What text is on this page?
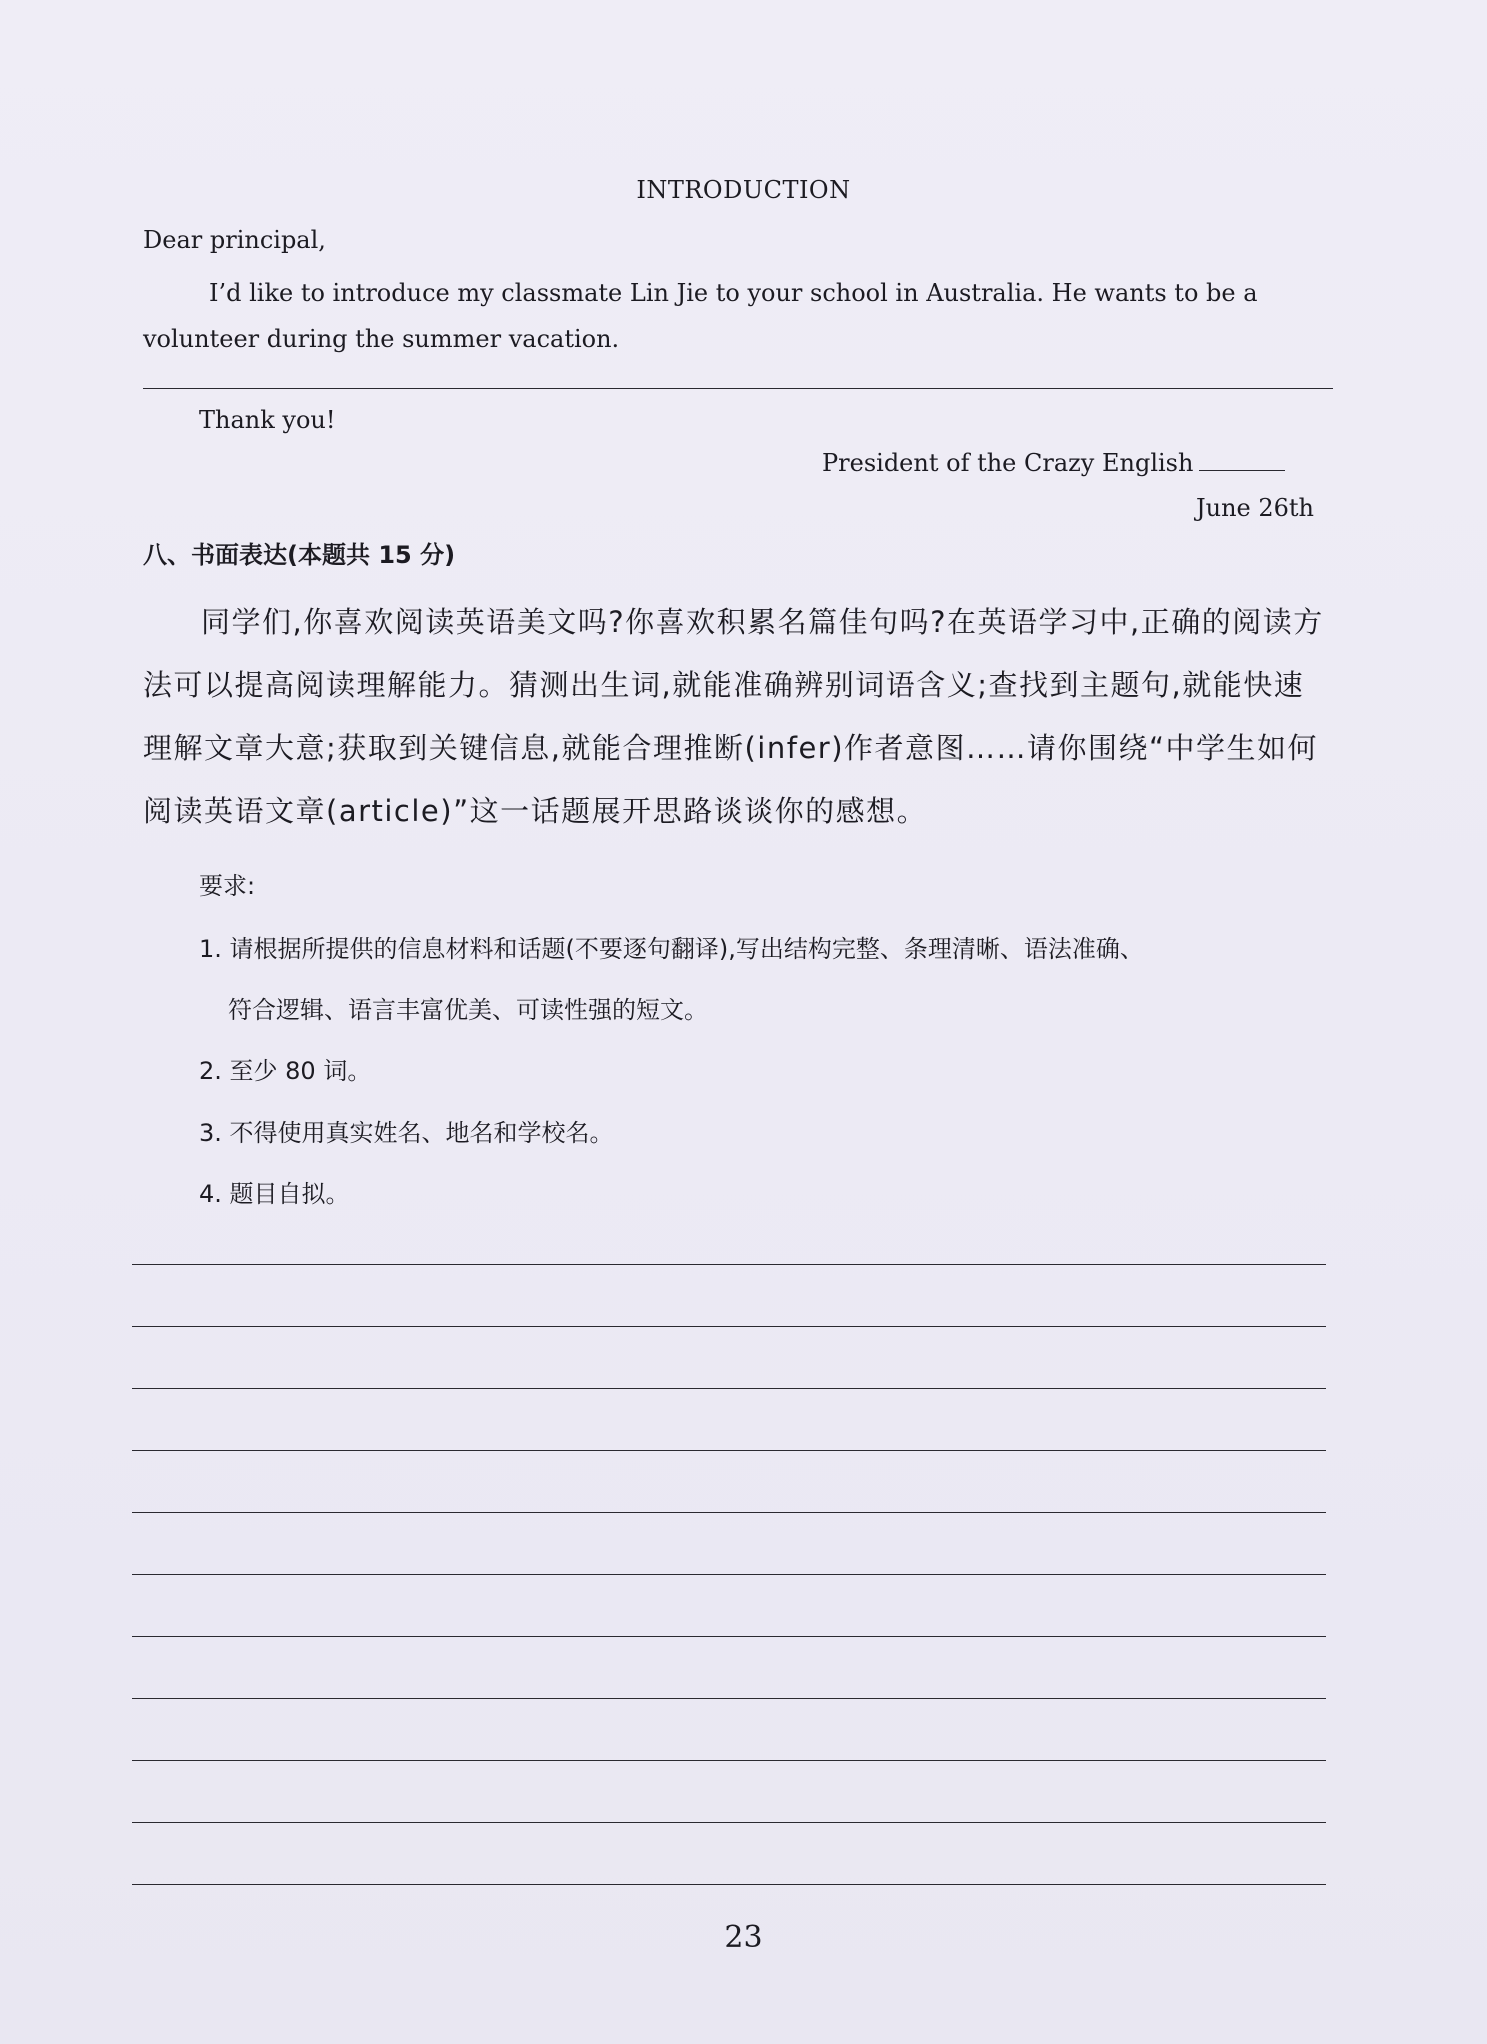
INTRODUCTION
Dear principal,
I’d like to introduce my classmate Lin Jie to your school in Australia. He wants to be a volunteer during the summer vacation.
Thank you!
President of the Crazy English
June 26th
八、书面表达(本题共 15 分)
同学们,你喜欢阅读英语美文吗?你喜欢积累名篇佳句吗?在英语学习中,正确的阅读方法可以提高阅读理解能力。猜测出生词,就能准确辨别词语含义;查找到主题句,就能快速理解文章大意;获取到关键信息,就能合理推断(infer)作者意图……请你围绕“中学生如何阅读英语文章(article)”这一话题展开思路谈谈你的感想。
要求:
1. 请根据所提供的信息材料和话题(不要逐句翻译),写出结构完整、条理清晰、语法准确、
符合逻辑、语言丰富优美、可读性强的短文。
2. 至少 80 词。
3. 不得使用真实姓名、地名和学校名。
4. 题目自拟。
23
